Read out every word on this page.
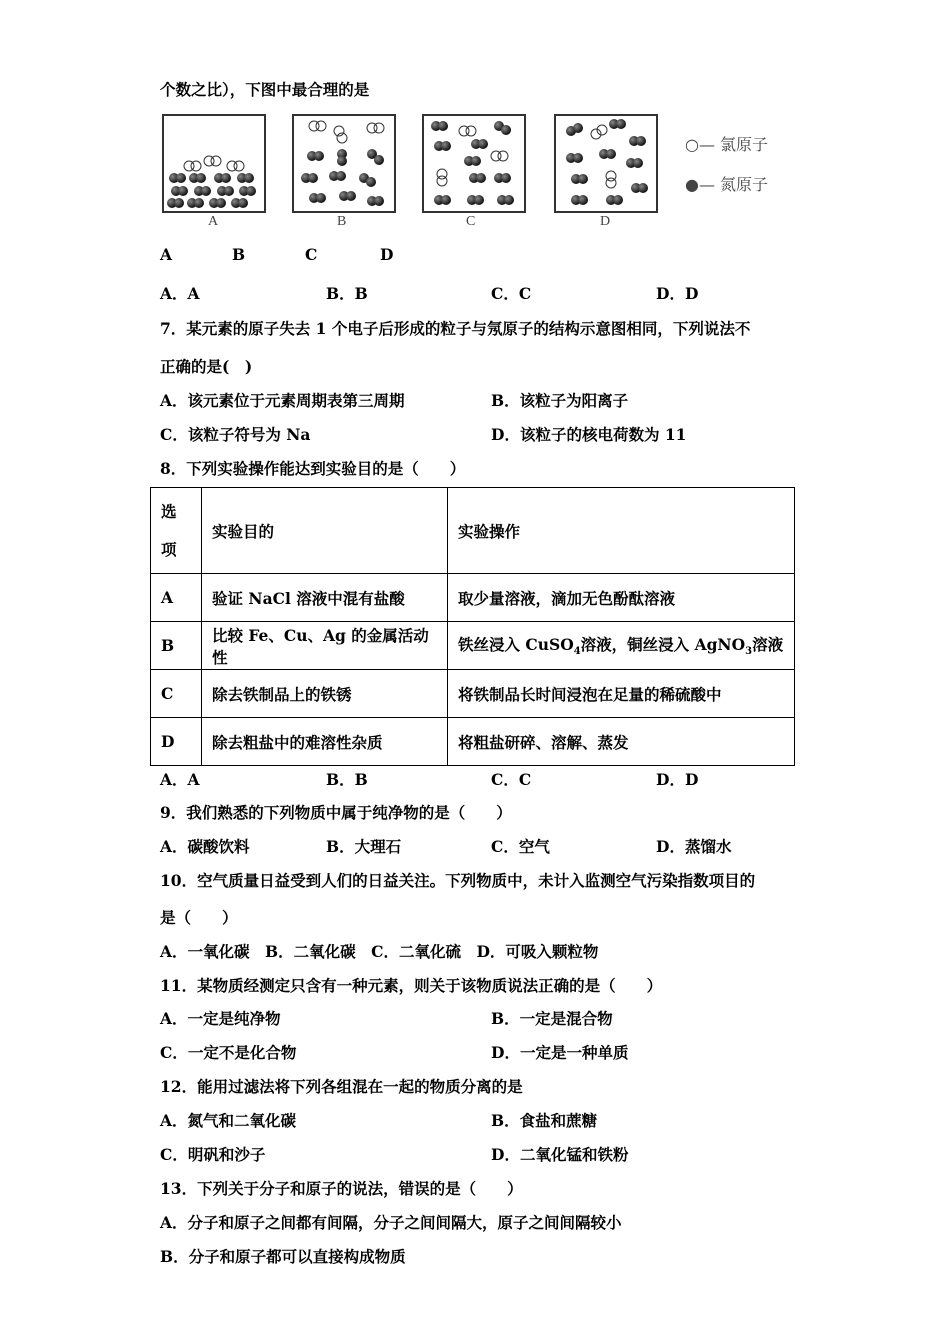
个数之比），下图中最合理的是
A	B	C	D
○— 氯原子
●— 氮原子
A	B	C	D
A．A	B．B	C．C	D．D
7．某元素的原子失去 1 个电子后形成的粒子与氖原子的结构示意图相同，下列说法不
正确的是(　)
A．该元素位于元素周期表第三周期	B．该粒子为阳离子
C．该粒子符号为 Na	D．该粒子的核电荷数为 11
8．下列实验操作能达到实验目的是（　　）
选
项	实验目的	实验操作
A	验证 NaCl 溶液中混有盐酸	取少量溶液，滴加无色酚酞溶液
B	比较 Fe、Cu、Ag 的金属活动性	铁丝浸入 CuSO$_4$溶液，铜丝浸入 AgNO$_3$溶液
C	除去铁制品上的铁锈	将铁制品长时间浸泡在足量的稀硫酸中
D	除去粗盐中的难溶性杂质	将粗盐研碎、溶解、蒸发
A．A	B．B	C．C	D．D
9．我们熟悉的下列物质中属于纯净物的是（　　）
A．碳酸饮料	B．大理石	C．空气	D．蒸馏水
10．空气质量日益受到人们的日益关注。下列物质中，未计入监测空气污染指数项目的
是（　　）
A．一氧化碳　B．二氧化碳　C．二氧化硫　D．可吸入颗粒物
11．某物质经测定只含有一种元素，则关于该物质说法正确的是（　　）
A．一定是纯净物	B．一定是混合物
C．一定不是化合物	D．一定是一种单质
12．能用过滤法将下列各组混在一起的物质分离的是
A．氮气和二氧化碳	B．食盐和蔗糖
C．明矾和沙子	D．二氧化锰和铁粉
13．下列关于分子和原子的说法，错误的是（　　）
A．分子和原子之间都有间隔，分子之间间隔大，原子之间间隔较小
B．分子和原子都可以直接构成物质
